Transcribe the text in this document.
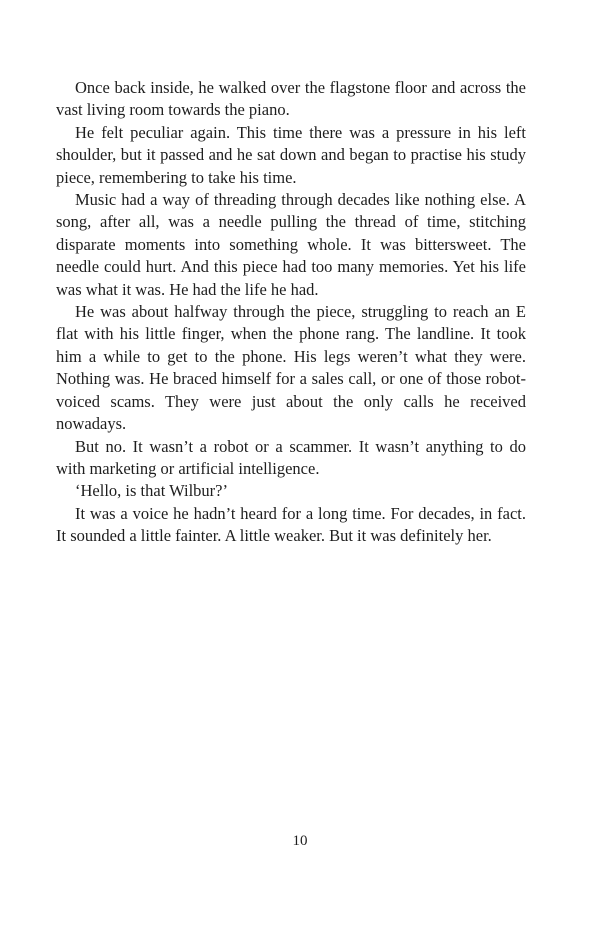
Once back inside, he walked over the flagstone floor and across the vast living room towards the piano.

He felt peculiar again. This time there was a pressure in his left shoulder, but it passed and he sat down and began to practise his study piece, remembering to take his time.

Music had a way of threading through decades like nothing else. A song, after all, was a needle pulling the thread of time, stitching disparate moments into something whole. It was bittersweet. The needle could hurt. And this piece had too many memories. Yet his life was what it was. He had the life he had.

He was about halfway through the piece, struggling to reach an E flat with his little finger, when the phone rang. The landline. It took him a while to get to the phone. His legs weren’t what they were. Nothing was. He braced himself for a sales call, or one of those robot-voiced scams. They were just about the only calls he received nowadays.

But no. It wasn’t a robot or a scammer. It wasn’t anything to do with marketing or artificial intelligence.

‘Hello, is that Wilbur?’

It was a voice he hadn’t heard for a long time. For decades, in fact. It sounded a little fainter. A little weaker. But it was definitely her.

10
